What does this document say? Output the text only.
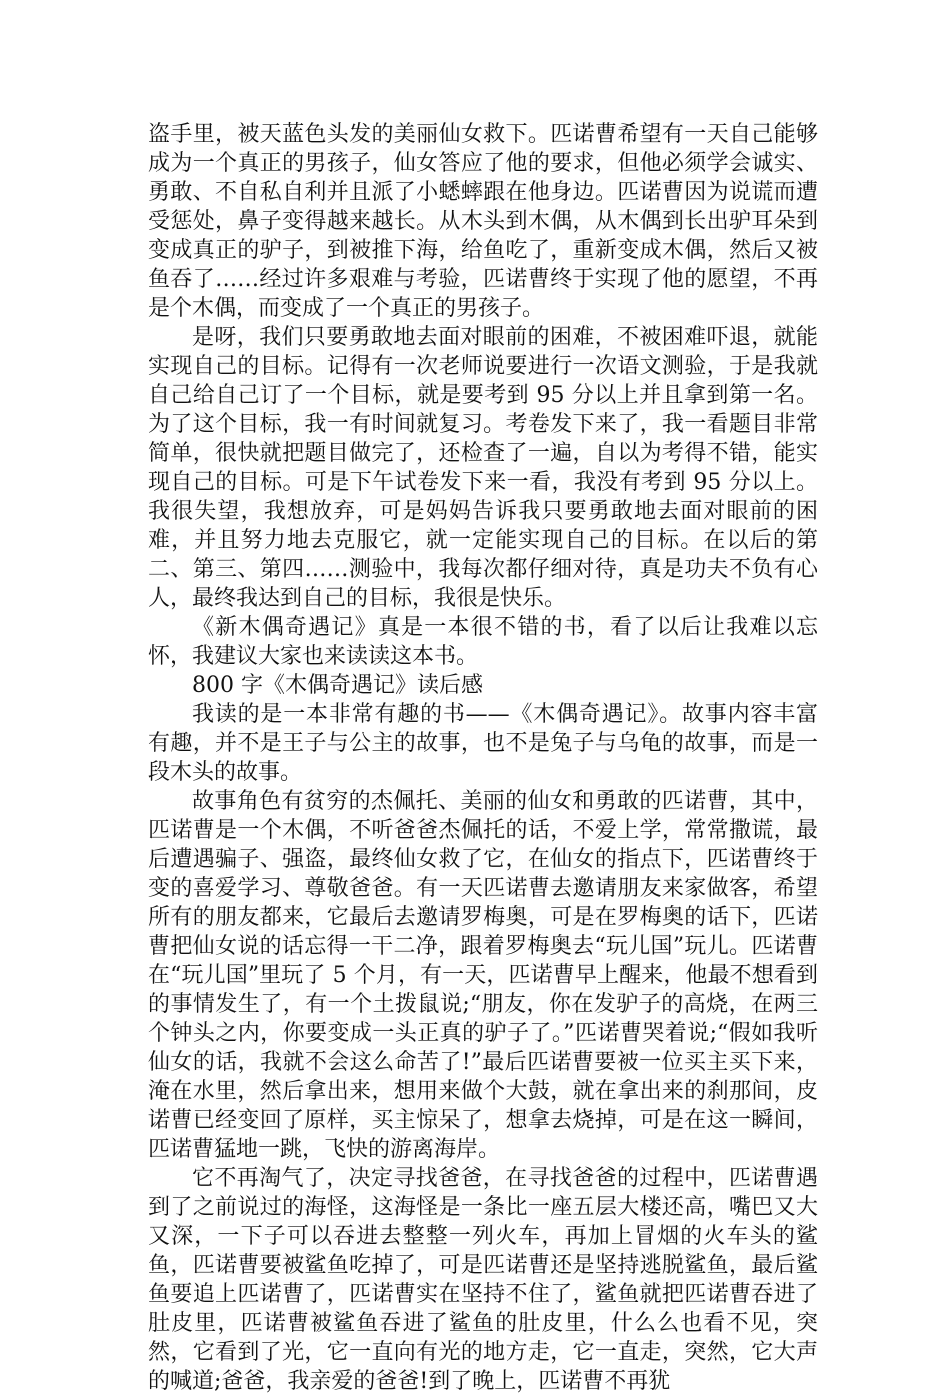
盗手里，被天蓝色头发的美丽仙女救下。匹诺曹希望有一天自己能够成为一个真正的男孩子，仙女答应了他的要求，但他必须学会诚实、勇敢、不自私自利并且派了小蟋蟀跟在他身边。匹诺曹因为说谎而遭受惩处，鼻子变得越来越长。从木头到木偶，从木偶到长出驴耳朵到变成真正的驴子，到被推下海，给鱼吃了，重新变成木偶，然后又被鱼吞了……经过许多艰难与考验，匹诺曹终于实现了他的愿望，不再是个木偶，而变成了一个真正的男孩子。

是呀，我们只要勇敢地去面对眼前的困难，不被困难吓退，就能实现自己的目标。记得有一次老师说要进行一次语文测验，于是我就自己给自己订了一个目标，就是要考到 95 分以上并且拿到第一名。为了这个目标，我一有时间就复习。考卷发下来了，我一看题目非常简单，很快就把题目做完了，还检查了一遍，自以为考得不错，能实现自己的目标。可是下午试卷发下来一看，我没有考到 95 分以上。我很失望，我想放弃，可是妈妈告诉我只要勇敢地去面对眼前的困难，并且努力地去克服它，就一定能实现自己的目标。在以后的第二、第三、第四……测验中，我每次都仔细对待，真是功夫不负有心人，最终我达到自己的目标，我很是快乐。

《新木偶奇遇记》真是一本很不错的书，看了以后让我难以忘怀，我建议大家也来读读这本书。

800 字《木偶奇遇记》读后感

我读的是一本非常有趣的书——《木偶奇遇记》。故事内容丰富有趣，并不是王子与公主的故事，也不是兔子与乌龟的故事，而是一段木头的故事。

故事角色有贫穷的杰佩托、美丽的仙女和勇敢的匹诺曹，其中，匹诺曹是一个木偶，不听爸爸杰佩托的话，不爱上学，常常撒谎，最后遭遇骗子、强盗，最终仙女救了它，在仙女的指点下，匹诺曹终于变的喜爱学习、尊敬爸爸。有一天匹诺曹去邀请朋友来家做客，希望所有的朋友都来，它最后去邀请罗梅奥，可是在罗梅奥的话下，匹诺曹把仙女说的话忘得一干二净，跟着罗梅奥去“玩儿国”玩儿。匹诺曹在“玩儿国”里玩了 5 个月，有一天，匹诺曹早上醒来，他最不想看到的事情发生了，有一个土拨鼠说;“朋友，你在发驴子的高烧，在两三个钟头之内，你要变成一头正真的驴子了。”匹诺曹哭着说;“假如我听仙女的话，我就不会这么命苦了!”最后匹诺曹要被一位买主买下来，淹在水里，然后拿出来，想用来做个大鼓，就在拿出来的刹那间，皮诺曹已经变回了原样，买主惊呆了，想拿去烧掉，可是在这一瞬间，匹诺曹猛地一跳，飞快的游离海岸。

它不再淘气了，决定寻找爸爸，在寻找爸爸的过程中，匹诺曹遇到了之前说过的海怪，这海怪是一条比一座五层大楼还高，嘴巴又大又深，一下子可以吞进去整整一列火车，再加上冒烟的火车头的鲨鱼，匹诺曹要被鲨鱼吃掉了，可是匹诺曹还是坚持逃脱鲨鱼，最后鲨鱼要追上匹诺曹了，匹诺曹实在坚持不住了，鲨鱼就把匹诺曹吞进了肚皮里，匹诺曹被鲨鱼吞进了鲨鱼的肚皮里，什么么也看不见，突然，它看到了光，它一直向有光的地方走，它一直走，突然，它大声的喊道;爸爸，我亲爱的爸爸!到了晚上，匹诺曹不再犹
